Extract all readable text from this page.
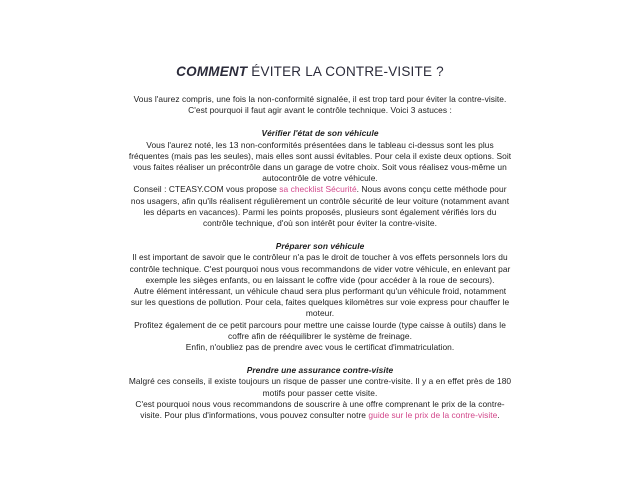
COMMENT ÉVITER LA CONTRE-VISITE ?

Vous l'aurez compris, une fois la non-conformité signalée, il est trop tard pour éviter la contre-visite. C'est pourquoi il faut agir avant le contrôle technique. Voici 3 astuces :

Vérifier l'état de son véhicule

Vous l'aurez noté, les 13 non-conformités présentées dans le tableau ci-dessus sont les plus fréquentes (mais pas les seules), mais elles sont aussi évitables. Pour cela il existe deux options. Soit vous faites réaliser un précontrôle dans un garage de votre choix. Soit vous réalisez vous-même un autocontrôle de votre véhicule.

Conseil : CTEASY.COM vous propose sa checklist Sécurité. Nous avons conçu cette méthode pour nos usagers, afin qu'ils réalisent régulièrement un contrôle sécurité de leur voiture (notamment avant les départs en vacances). Parmi les points proposés, plusieurs sont également vérifiés lors du contrôle technique, d'où son intérêt pour éviter la contre-visite.

Préparer son véhicule

Il est important de savoir que le contrôleur n'a pas le droit de toucher à vos effets personnels lors du contrôle technique. C'est pourquoi nous vous recommandons de vider votre véhicule, en enlevant par exemple les sièges enfants, ou en laissant le coffre vide (pour accéder à la roue de secours).

Autre élément intéressant, un véhicule chaud sera plus performant qu'un véhicule froid, notamment sur les questions de pollution. Pour cela, faites quelques kilomètres sur voie express pour chauffer le moteur.

Profitez également de ce petit parcours pour mettre une caisse lourde (type caisse à outils) dans le coffre afin de rééquilibrer le système de freinage.

Enfin, n'oubliez pas de prendre avec vous le certificat d'immatriculation.

Prendre une assurance contre-visite

Malgré ces conseils, il existe toujours un risque de passer une contre-visite. Il y a en effet près de 180 motifs pour passer cette visite.

C'est pourquoi nous vous recommandons de souscrire à une offre comprenant le prix de la contre-visite. Pour plus d'informations, vous pouvez consulter notre guide sur le prix de la contre-visite.
